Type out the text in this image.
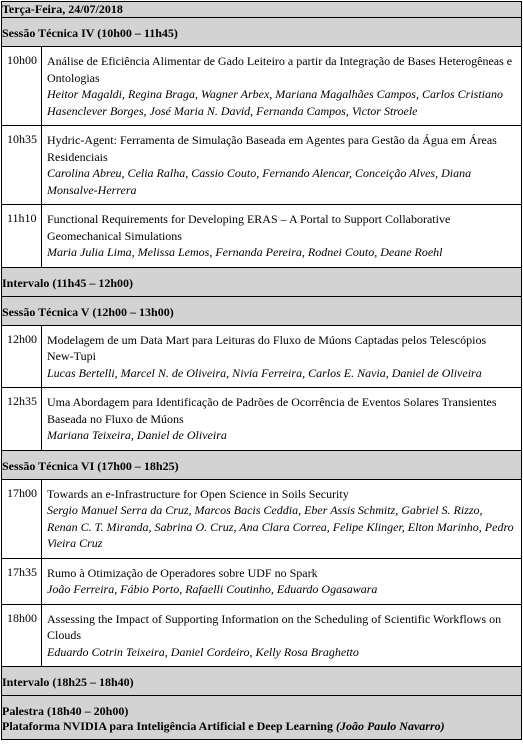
Terça-Feira, 24/07/2018	
Sessão Técnica IV (10h00 – 11h45)	
10h00	Análise de Eficiência Alimentar de Gado Leiteiro a partir da Integração de Bases Heterogêneas e Ontologias
Heitor Magaldi, Regina Braga, Wagner Arbex, Mariana Magalhães Campos, Carlos Cristiano Hasenclever Borges, José Maria N. David, Fernanda Campos, Victor Stroele

10h35	Hydric-Agent: Ferramenta de Simulação Baseada em Agentes para Gestão da Água em Áreas Residenciais
Carolina Abreu, Celia Ralha, Cassio Couto, Fernando Alencar, Conceição Alves, Diana Monsalve-Herrera

11h10	Functional Requirements for Developing ERAS – A Portal to Support Collaborative Geomechanical Simulations
Maria Julia Lima, Melissa Lemos, Fernanda Pereira, Rodnei Couto, Deane Roehl

Intervalo (11h45 – 12h00)	
Sessão Técnica V (12h00 – 13h00)	
12h00	Modelagem de um Data Mart para Leituras do Fluxo de Múons Captadas pelos Telescópios New-Tupi
Lucas Bertelli, Marcel N. de Oliveira, Nivia Ferreira, Carlos E. Navia, Daniel de Oliveira

12h35	Uma Abordagem para Identificação de Padrões de Ocorrência de Eventos Solares Transientes Baseada no Fluxo de Múons
Mariana Teixeira, Daniel de Oliveira

Sessão Técnica VI (17h00 – 18h25)	
17h00	Towards an e-Infrastructure for Open Science in Soils Security
Sergio Manuel Serra da Cruz, Marcos Bacis Ceddia, Eber Assis Schmitz, Gabriel S. Rizzo, Renan C. T. Miranda, Sabrina O. Cruz, Ana Clara Correa, Felipe Klinger, Elton Marinho, Pedro Vieira Cruz

17h35	Rumo à Otimização de Operadores sobre UDF no Spark
João Ferreira, Fábio Porto, Rafaelli Coutinho, Eduardo Ogasawara

18h00	Assessing the Impact of Supporting Information on the Scheduling of Scientific Workflows on Clouds
Eduardo Cotrin Teixeira, Daniel Cordeiro, Kelly Rosa Braghetto

Intervalo (18h25 – 18h40)	

Palestra (18h40 – 20h00)
Plataforma NVIDIA para Inteligência Artificial e Deep Learning (João Paulo Navarro)	
